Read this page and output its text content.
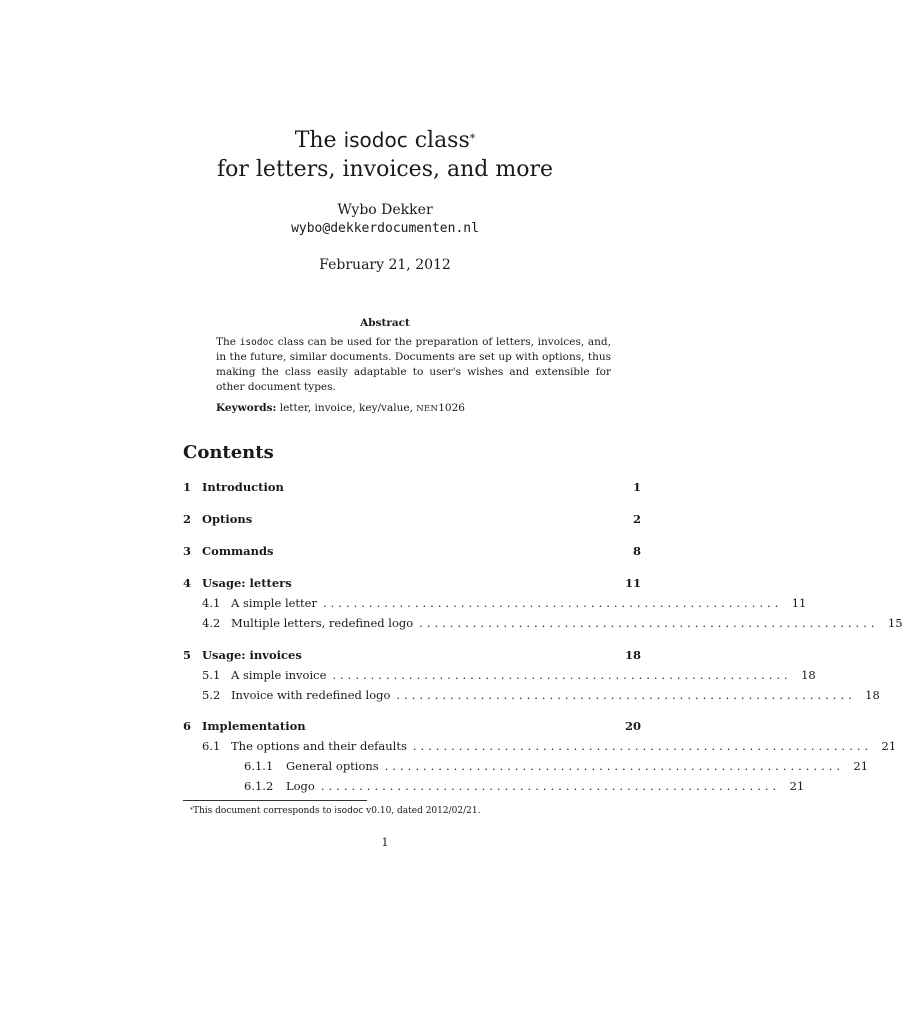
The isodoc class*
for letters, invoices, and more
Wybo Dekker
wybo@dekkerdocumenten.nl
February 21, 2012
Abstract
The isodoc class can be used for the preparation of letters, invoices, and, in the future, similar documents. Documents are set up with options, thus making the class easily adaptable to user's wishes and extensible for other document types.
Keywords: letter, invoice, key/value, NEN1026
Contents
1 Introduction	1
2 Options	2
3 Commands	8
4 Usage: letters	11
4.1 A simple letter ............................................................ 11
4.2 Multiple letters, redefined logo ............................................................ 15
5 Usage: invoices	18
5.1 A simple invoice ............................................................ 18
5.2 Invoice with redefined logo ............................................................ 18
6 Implementation	20
6.1 The options and their defaults ............................................................ 21
6.1.1	General options ............................................................ 21
6.1.2	Logo ............................................................ 21
*This document corresponds to isodoc v0.10, dated 2012/02/21.
1
